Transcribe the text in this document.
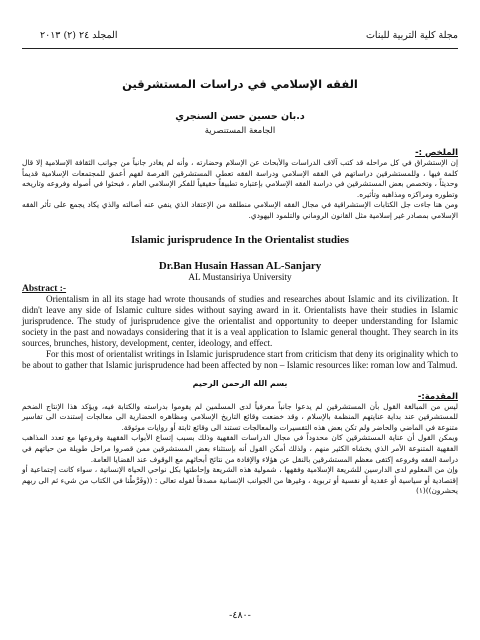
مجلة كلية التربية للبنات
المجلد ٢٤ (٢) ٢٠١٣
الفقه الإسلامي في دراسات المستشرقين
د.بان حسين حسن السنجري
الجامعة المستنصرية
الملخص :-

إن الإستشراق في كل مراحله قد كتب آلاف الدراسات والأبحاث عن الإسلام وحضارته ، وأنه لم يغادر جانباً من جوانب الثقافة الإسلامية إلا قال كلمة فيها ، وللمستشرقين دراساتهم في الفقه الإسلامي ودراسة الفقه تعطي المستشرقين الفرصة لفهم أعمق للمجتمعات الإسلامية قديماً وحديثاً ، وتخصص بعض المستشرقين في دراسة الفقه الإسلامي بإعتباره تطبيقاً حقيقياً للفكر الإسلامي العام ، فبحثوا في أصوله وفروعه وتاريخه وتطوره ومراكزه ومذاهبه وتأثيره.

ومن هنا جاءت جل الكتابات الإستشراقية في مجال الفقه الإسلامي منطلقة من الإعتقاد الذي ينفي عنه أصالته والذي يكاد يجمع على تأثر الفقه الإسلامي بمصادر غير إسلامية مثل القانون الروماني والتلمود اليهودي.

Islamic jurisprudence In the Orientalist studies
Dr.Ban Husain Hassan AL-Sanjary
AL Mustansiriya University
Abstract :-

Orientalism in all its stage had wrote thousands of studies and researches about Islamic and its civilization. It didn't leave any side of Islamic culture sides without saying award in it. Orientalists have their studies in Islamic jurisprudence. The study of jurisprudence give the orientalist and opportunity to deeper understanding for Islamic society in the past and nowadays considering that it is a veal application to Islamic general thought. They search in its sources, brunches, history, development, center, ideology, and effect.

For this most of orientalist writings in Islamic jurisprudence start from criticism that deny its originality which to be about to gather that Islamic jurisprudence had been affected by non – Islamic resources like: roman low and Talmud.

بسم الله الرحمن الرحيم
المقدمة:-

ليس من المبالغة القول بأن المستشرقين لم يدعوا جانباً معرفياً لدى المسلمين لم يقوموا بدراسته والكتابة فيه، ويؤكد هذا الإنتاج الضخم للمستشرقين عند بداية عنايتهم المنظمة بالإسلام ، وقد خضعت وقائع التاريخ الإسلامي ومظاهره الحضارية الى معالجات إستندت الى تفاسير متنوعة في الماضي والحاضر ولم تكن بعض هذه التفسيرات والمعالجات تستند الى وقائع ثابتة أو روايات موثوقة.

ويمكن القول أن عناية المستشرقين كان محدوداً في مجال الدراسات الفقهية وذلك بسبب إتساع الأبواب الفقهية وفروعها مع تعدد المذاهب الفقهية المتنوعة الأمر الذي يخشاه الكثير منهم ، ولذلك أمكن القول أنه بإستثناء بعض المستشرقين ممن قصروا مراحل طويلة من حياتهم في دراسة الفقه وفروعه إكتفى معظم المستشرقين بالنقل عن هؤلاء والإفادة من نتائج أبحاثهم مع الوقوف عند القضايا العامة.

وإن من المعلوم لدى الدارسين للشريعة الإسلامية وفقهها ، شمولية هذه الشريعة وإحاطتها بكل نواحي الحياة الإنسانية ، سواء كانت إجتماعية أو إقتصادية أو سياسية أو عقدية أو نفسية أو تربوية ، وغيرها من الجوانب الإنسانية مصدقاً لقوله تعالى : ((وفَرَّطْنا في الكتاب من شيء ثم الى ربهم يحشرون))(١)

-٤٨٠-
